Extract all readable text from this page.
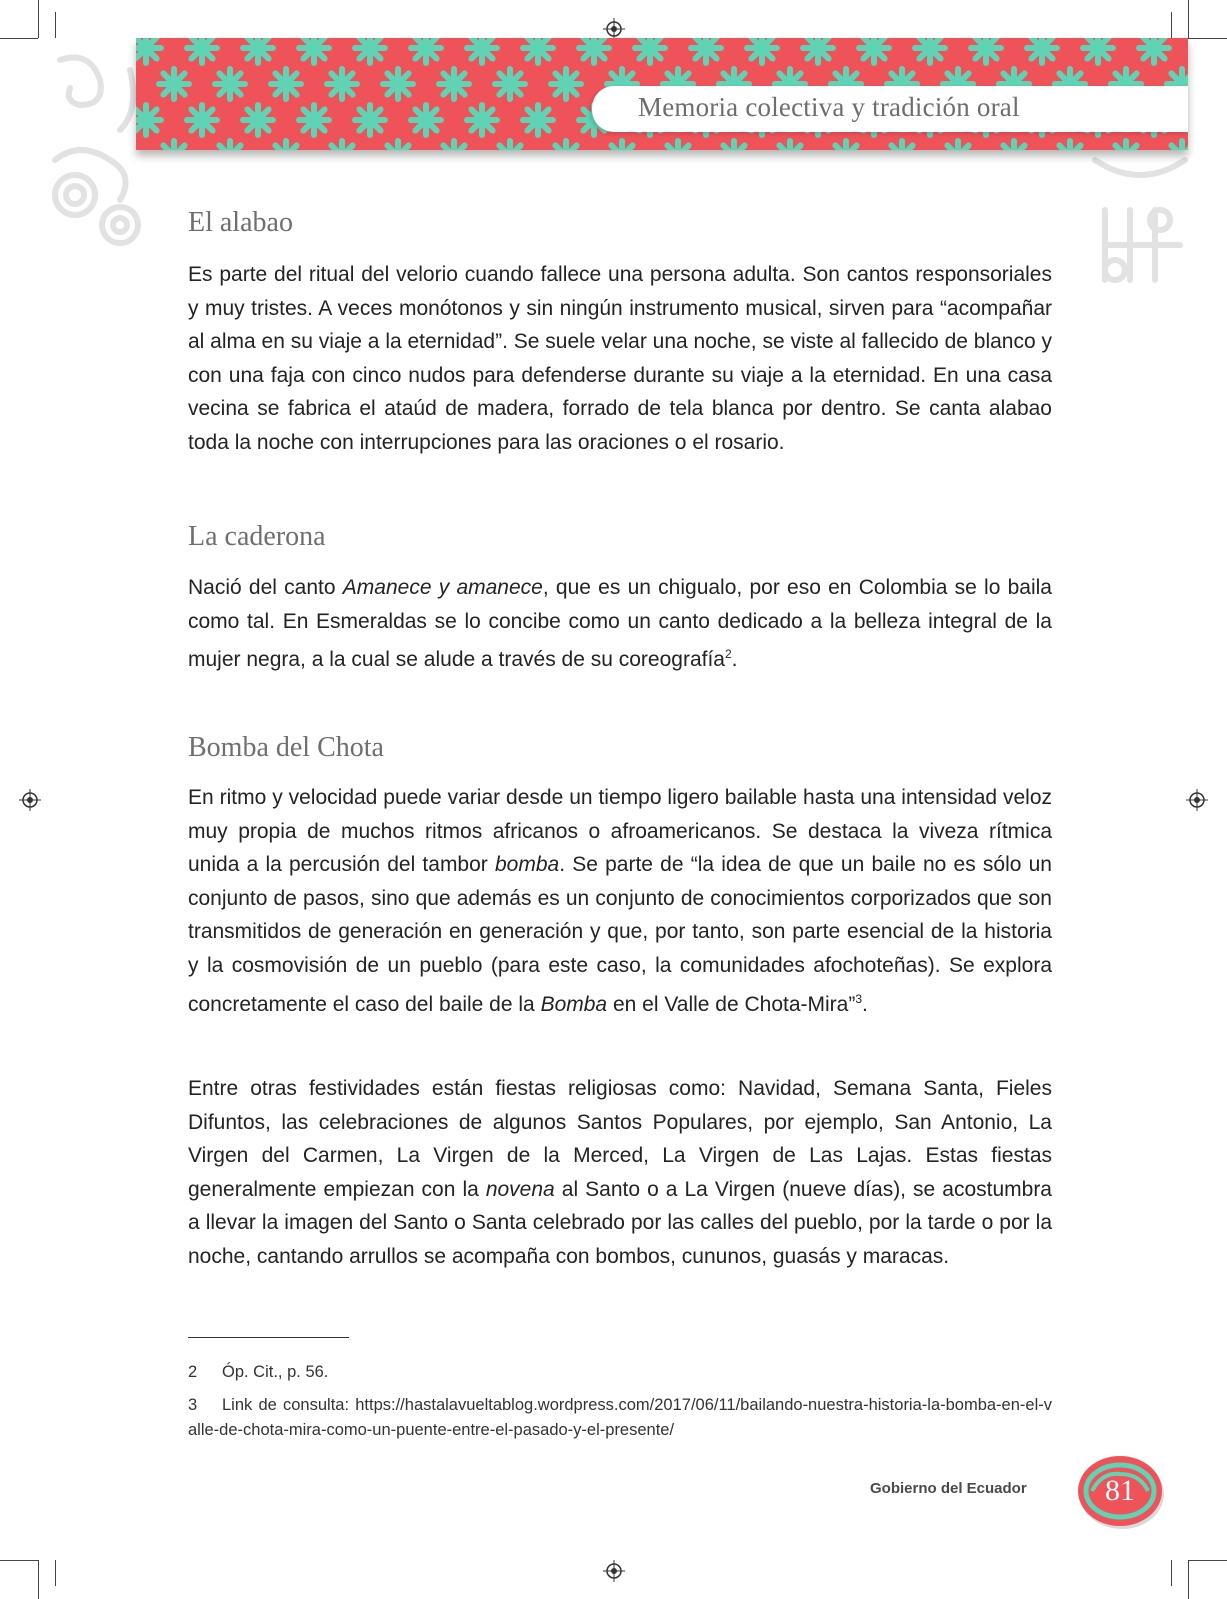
Memoria colectiva y tradición oral
El alabao

Es parte del ritual del velorio cuando fallece una persona adulta. Son cantos responsoriales y muy tristes. A veces monótonos y sin ningún instrumento musical, sirven para “acompañar al alma en su viaje a la eternidad”. Se suele velar una noche, se viste al fallecido de blanco y con una faja con cinco nudos para defenderse durante su viaje a la eternidad. En una casa vecina se fabrica el ataúd de madera, forrado de tela blanca por dentro. Se canta alabao toda la noche con interrupciones para las oraciones o el rosario.

La caderona

Nació del canto Amanece y amanece, que es un chigualo, por eso en Colombia se lo baila como tal. En Esmeraldas se lo concibe como un canto dedicado a la belleza integral de la mujer negra, a la cual se alude a través de su coreografía$^2$.

Bomba del Chota

En ritmo y velocidad puede variar desde un tiempo ligero bailable hasta una intensidad veloz muy propia de muchos ritmos africanos o afroamericanos. Se destaca la viveza rítmica unida a la percusión del tambor bomba. Se parte de “la idea de que un baile no es sólo un conjunto de pasos, sino que además es un conjunto de conocimientos corporizados que son transmitidos de generación en generación y que, por tanto, son parte esencial de la historia y la cosmovisión de un pueblo (para este caso, la comunidades afochoteñas). Se explora concretamente el caso del baile de la Bomba en el Valle de Chota-Mira”$^3$.

Entre otras festividades están fiestas religiosas como: Navidad, Semana Santa, Fieles Difuntos, las celebraciones de algunos Santos Populares, por ejemplo, San Antonio, La Virgen del Carmen, La Virgen de la Merced, La Virgen de Las Lajas. Estas fiestas generalmente empiezan con la novena al Santo o a La Virgen (nueve días), se acostumbra a llevar la imagen del Santo o Santa celebrado por las calles del pueblo, por la tarde o por la noche, cantando arrullos se acompaña con bombos, cununos, guasás y maracas.

2 Óp. Cit., p. 56.
3 Link de consulta: https://hastalavueltablog.wordpress.com/2017/06/11/bailando-nuestra-historia-la-bomba-en-el-valle-de-chota-mira-como-un-puente-entre-el-pasado-y-el-presente/
Gobierno del Ecuador	81
